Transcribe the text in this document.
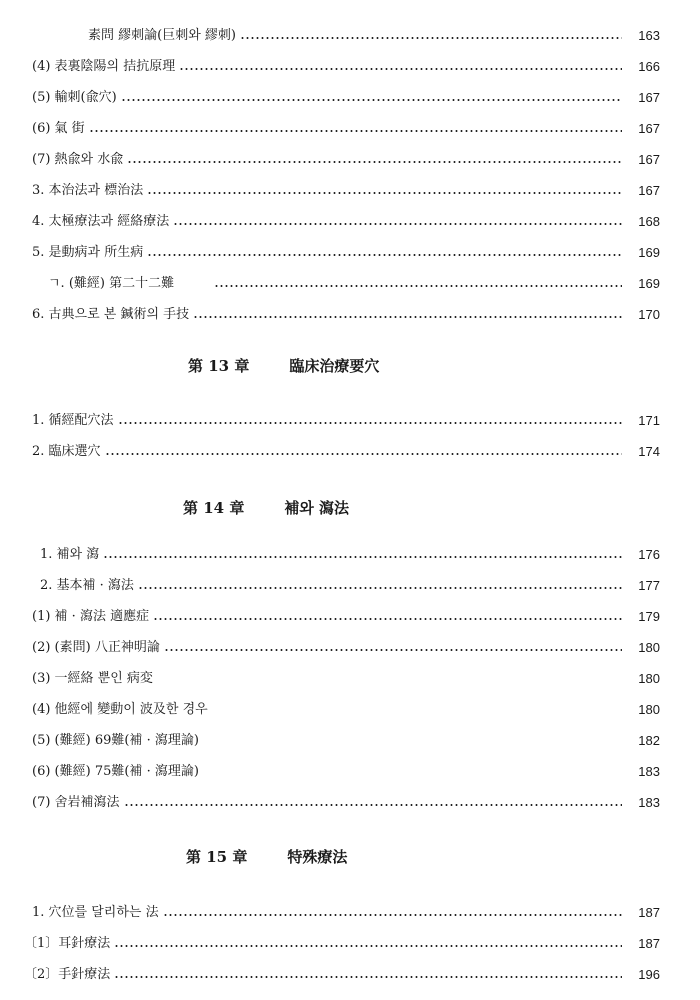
素問 繆刺論(巨刺와 繆刺)	163
(4) 表裏陰陽의 拮抗原理	166
(5) 輸刺(兪穴)	167
(6) 氣 街	167
(7) 熱兪와 水兪	167
3. 本治法과 標治法	167
4. 太極療法과 經絡療法	168
5. 是動病과 所生病	169
ㄱ. (難經) 第二十二難	169
6. 古典으로 본 鍼術의 手技	170
第 13 章	臨床治療要穴
1. 循經配穴法	171
2. 臨床選穴	174
第 14 章	補와 瀉法
1. 補와 瀉	176
2. 基本補 · 瀉法	177
(1) 補 · 瀉法 適應症	179
(2) (素問) 八正神明論	180
(3) 一經絡 뿐인 病変	180
(4) 他經에 變動이 波及한 경우	180
(5) (難經) 69難(補 · 瀉理論)	182
(6) (難經) 75難(補 · 瀉理論)	183
(7) 舍岩補瀉法	183
第 15 章	特殊療法
1. 穴位를 달리하는 法	187
〔1〕耳針療法	187
〔2〕手針療法	196
